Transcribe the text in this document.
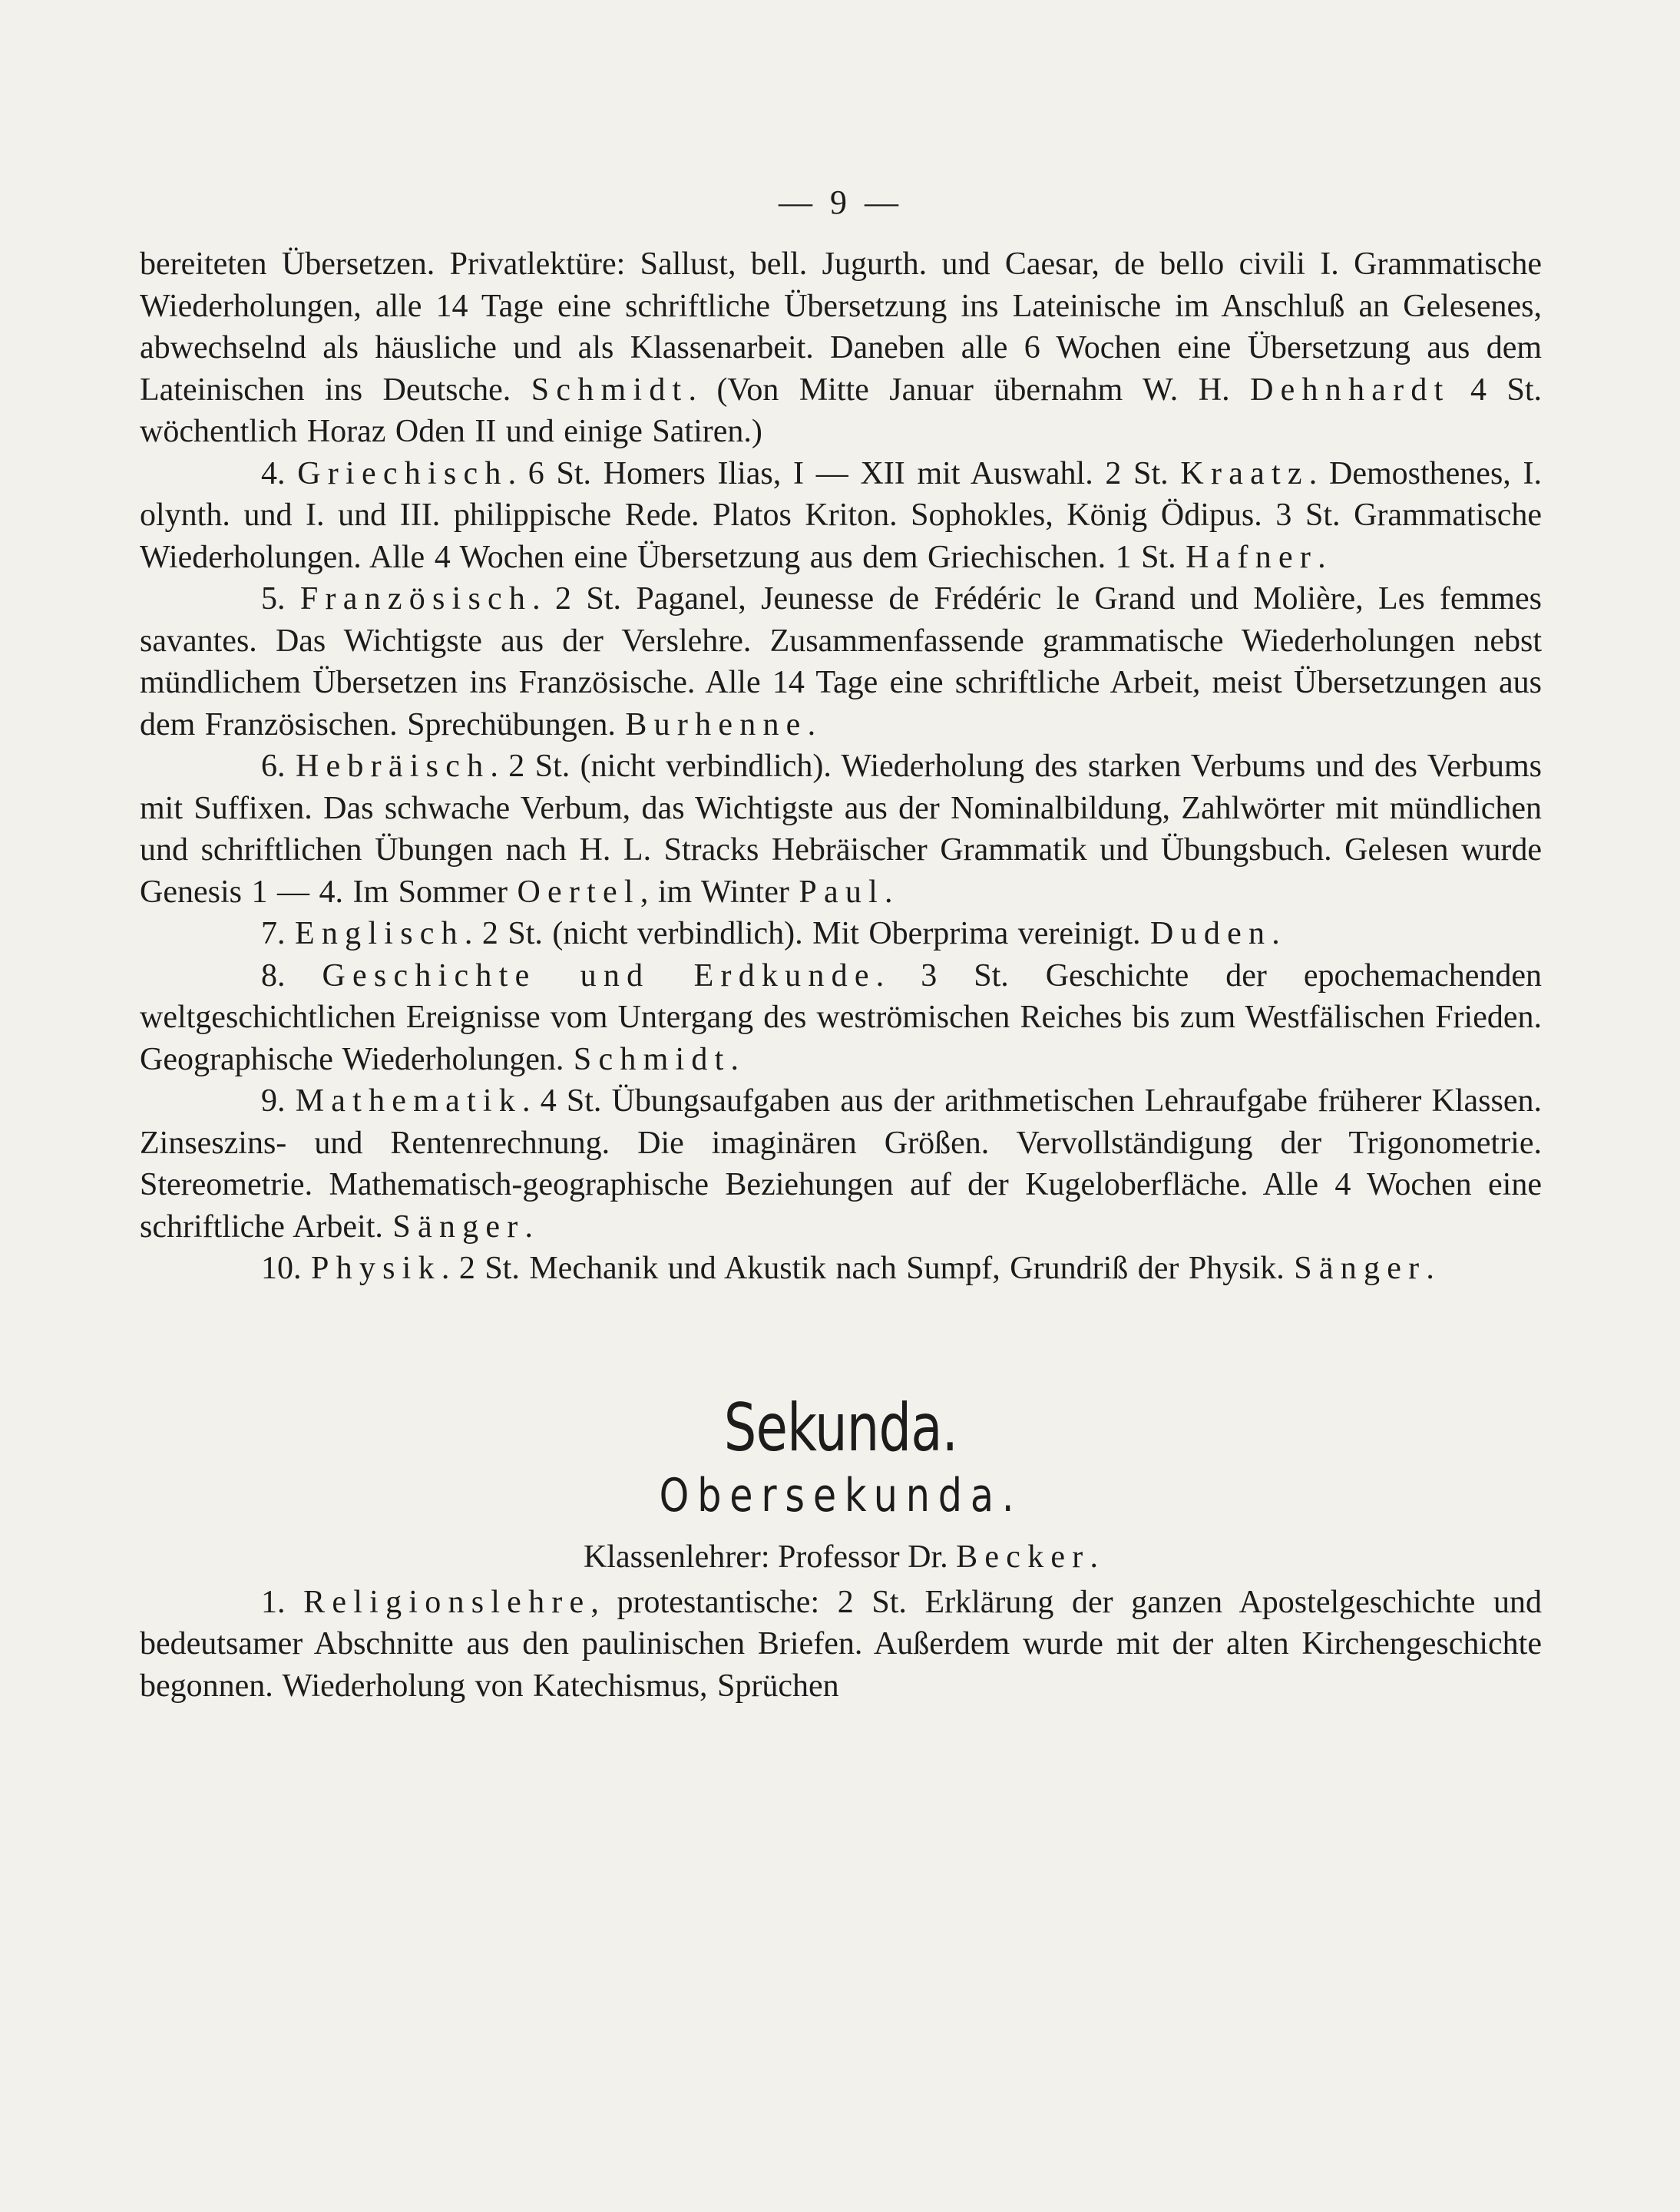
— 9 —

bereiteten Übersetzen. Privatlektüre: Sallust, bell. Jugurth. und Caesar, de bello civili I. Grammatische Wiederholungen, alle 14 Tage eine schriftliche Übersetzung ins Lateinische im Anschluß an Gelesenes, abwechselnd als häusliche und als Klassenarbeit. Daneben alle 6 Wochen eine Übersetzung aus dem Lateinischen ins Deutsche. Schmidt. (Von Mitte Januar übernahm W. H. Dehnhardt 4 St. wöchentlich Horaz Oden II und einige Satiren.)

4. Griechisch. 6 St. Homers Ilias, I — XII mit Auswahl. 2 St. Kraatz. Demosthenes, I. olynth. und I. und III. philippische Rede. Platos Kriton. Sophokles, König Ödipus. 3 St. Grammatische Wiederholungen. Alle 4 Wochen eine Übersetzung aus dem Griechischen. 1 St. Hafner.

5. Französisch. 2 St. Paganel, Jeunesse de Frédéric le Grand und Molière, Les femmes savantes. Das Wichtigste aus der Verslehre. Zusammenfassende grammatische Wiederholungen nebst mündlichem Übersetzen ins Französische. Alle 14 Tage eine schriftliche Arbeit, meist Übersetzungen aus dem Französischen. Sprechübungen. Burhenne.

6. Hebräisch. 2 St. (nicht verbindlich). Wiederholung des starken Verbums und des Verbums mit Suffixen. Das schwache Verbum, das Wichtigste aus der Nominalbildung, Zahlwörter mit mündlichen und schriftlichen Übungen nach H. L. Stracks Hebräischer Grammatik und Übungsbuch. Gelesen wurde Genesis 1 — 4. Im Sommer Oertel, im Winter Paul.

7. Englisch. 2 St. (nicht verbindlich). Mit Oberprima vereinigt. Duden.

8. Geschichte und Erdkunde. 3 St. Geschichte der epochemachenden weltgeschichtlichen Ereignisse vom Untergang des weströmischen Reiches bis zum Westfälischen Frieden. Geographische Wiederholungen. Schmidt.

9. Mathematik. 4 St. Übungsaufgaben aus der arithmetischen Lehraufgabe früherer Klassen. Zinseszins- und Rentenrechnung. Die imaginären Größen. Vervollständigung der Trigonometrie. Stereometrie. Mathematisch-geographische Beziehungen auf der Kugeloberfläche. Alle 4 Wochen eine schriftliche Arbeit. Sänger.

10. Physik. 2 St. Mechanik und Akustik nach Sumpf, Grundriß der Physik. Sänger.

Sekunda.
Obersekunda.
Klassenlehrer: Professor Dr. Becker.

1. Religionslehre, protestantische: 2 St. Erklärung der ganzen Apostelgeschichte und bedeutsamer Abschnitte aus den paulinischen Briefen. Außerdem wurde mit der alten Kirchengeschichte begonnen. Wiederholung von Katechismus, Sprüchen
